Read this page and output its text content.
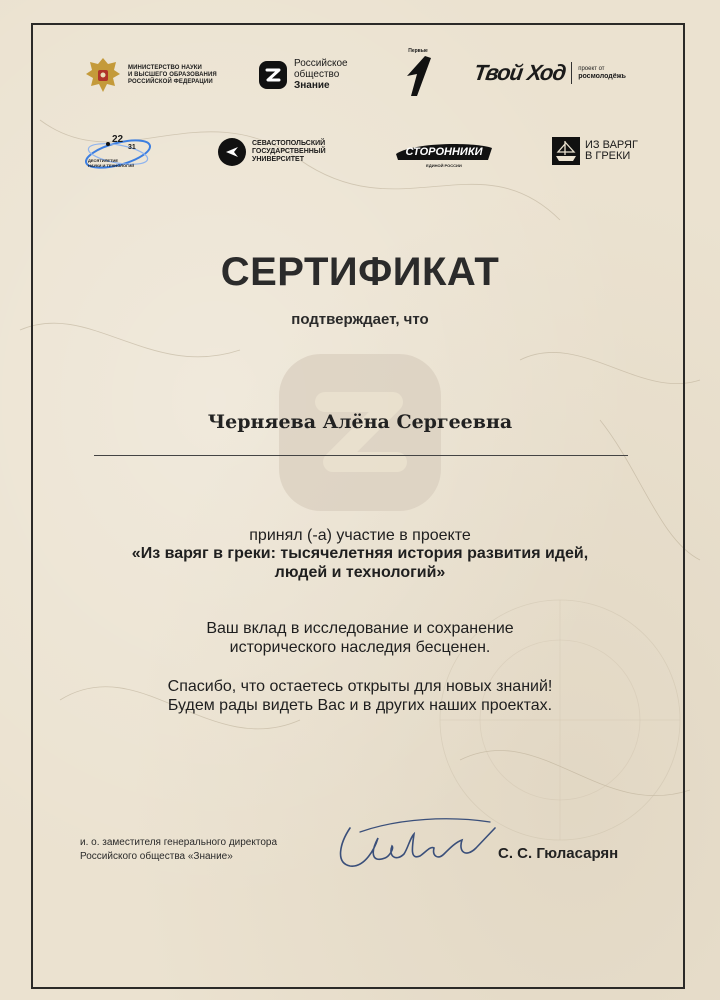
МИНИСТЕРСТВО НАУКИ
И ВЫСШЕГО ОБРАЗОВАНИЯ
РОССИЙСКОЙ ФЕДЕРАЦИИ
Российское
общество
Знание
Первые
Твой Ход проект от
росмолодёжь
22
31
ДЕСЯТИЛЕТИЕ
НАУКИ И ТЕХНОЛОГИЙ
СЕВАСТОПОЛЬСКИЙ
ГОСУДАРСТВЕННЫЙ
УНИВЕРСИТЕТ
СТОРОННИКИ
ЕДИНОЙ РОССИИ
ИЗ ВАРЯГ
В ГРЕКИ
СЕРТИФИКАТ
подтверждает, что
Черняева Алёна Сергеевна
принял (-а) участие в проекте
«Из варяг в греки: тысячелетняя история развития идей,
людей и технологий»
Ваш вклад в исследование и сохранение
исторического наследия бесценен.
Спасибо, что остаетесь открыты для новых знаний!
Будем рады видеть Вас и в других наших проектах.
и. о. заместителя генерального директора
Российского общества «Знание»	С. С. Гюласарян
